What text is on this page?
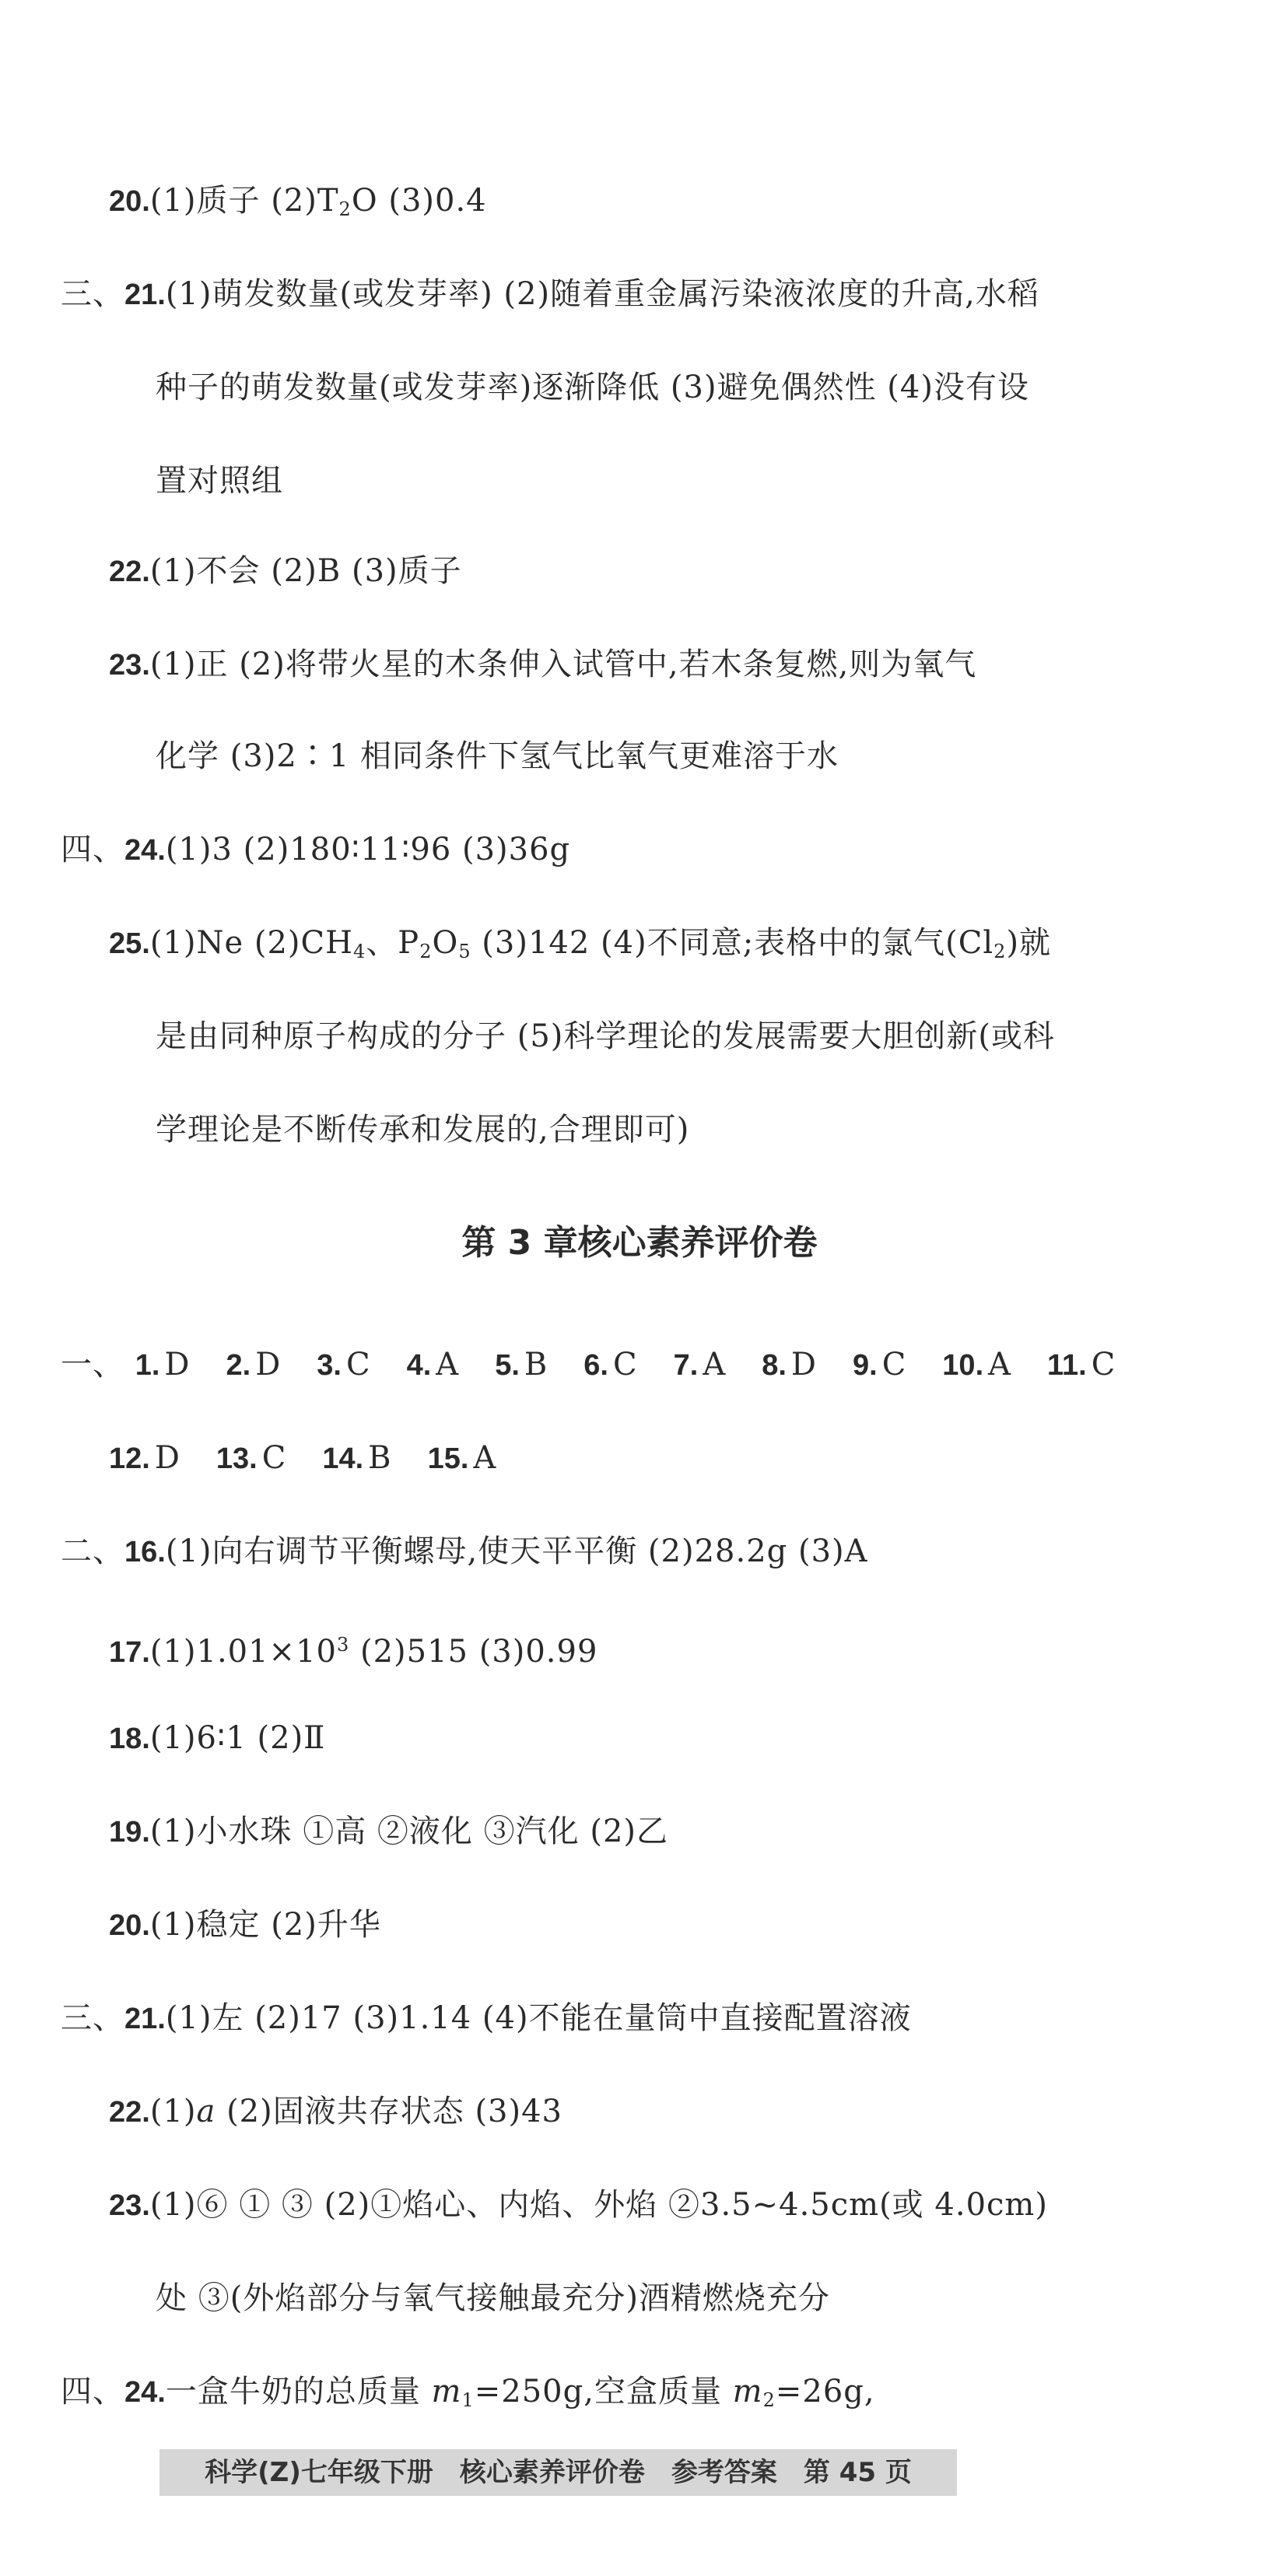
20.(1)质子 $(2)T_2O$ (3)0.4
三、21.(1)萌发数量(或发芽率) (2)随着重金属污染液浓度的升高,水稻
种子的萌发数量(或发芽率)逐渐降低 (3)避免偶然性 (4)没有设
置对照组
22.(1)不会 (2)B (3)质子
23.(1)正 (2)将带火星的木条伸入试管中,若木条复燃,则为氧气
化学 (3)2∶1 相同条件下氢气比氧气更难溶于水
四、24.(1)3 (2)180∶11∶96 (3)36g
25.(1)Ne $(2)CH_4$、$P_2O_5$ (3)142 (4)不同意;表格中的氯气$(Cl_2)$就
是由同种原子构成的分子 (5)科学理论的发展需要大胆创新(或科
学理论是不断传承和发展的,合理即可)
第 3 章核心素养评价卷
一、 1. D 2. D 3. C 4. A 5. B 6. C 7. A 8. D 9. C 10. A 11. C
12. D 13. C 14. B 15. A
二、16.(1)向右调节平衡螺母,使天平平衡 (2)28.2g (3)A
$17.(1)1.01\times 10^3$ (2)515 (3)0.99
18.(1)6∶1 (2)Ⅱ
19.(1)小水珠 ①高 ②液化 ③汽化 (2)乙
20.(1)稳定 (2)升华
三、21.(1)左 (2)17 (3)1.14 (4)不能在量筒中直接配置溶液
22.(1)a (2)固液共存状态 (3)43
23.(1)⑥ ① ③ (2)①焰心、内焰、外焰 ②3.5~4.5cm(或 4.0cm)
处 ③(外焰部分与氧气接触最充分)酒精燃烧充分
四、24.一盒牛奶的总质量 $m_1=250g$,空盒质量 $m_2=26g$,
科学(Z)七年级下册　核心素养评价卷　参考答案　第 45 页
